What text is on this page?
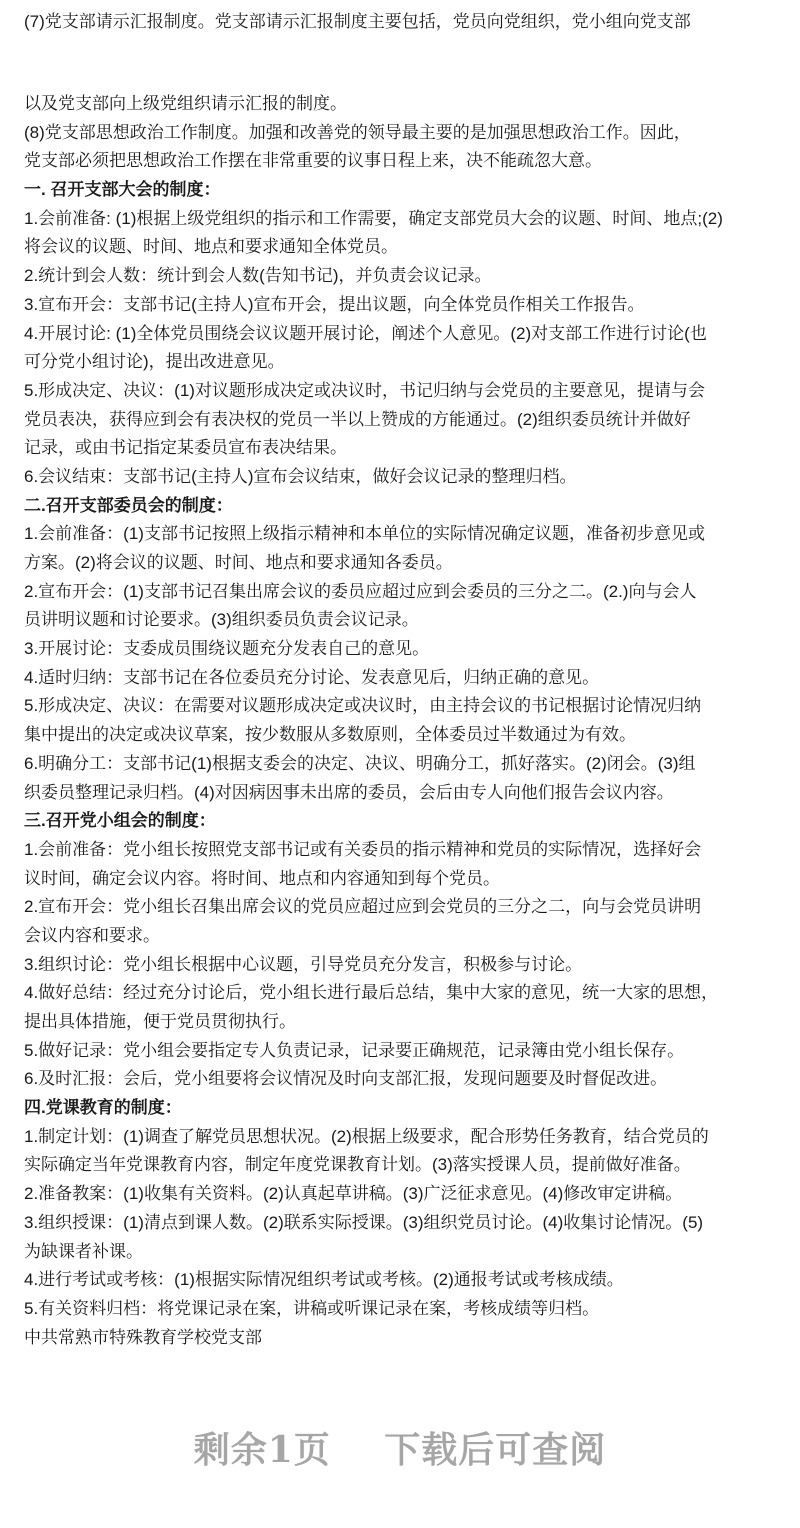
(7)党支部请示汇报制度。党支部请示汇报制度主要包括，党员向党组织，党小组向党支部
以及党支部向上级党组织请示汇报的制度。
(8)党支部思想政治工作制度。加强和改善党的领导最主要的是加强思想政治工作。因此，
党支部必须把思想政治工作摆在非常重要的议事日程上来，决不能疏忽大意。
一. 召开支部大会的制度：
1.会前准备: (1)根据上级党组织的指示和工作需要，确定支部党员大会的议题、时间、地点;(2)
将会议的议题、时间、地点和要求通知全体党员。
2.统计到会人数：统计到会人数(告知书记)，并负责会议记录。
3.宣布开会：支部书记(主持人)宣布开会，提出议题，向全体党员作相关工作报告。
4.开展讨论: (1)全体党员围绕会议议题开展讨论，阐述个人意见。(2)对支部工作进行讨论(也
可分党小组讨论)，提出改进意见。
5.形成决定、决议：(1)对议题形成决定或决议时，书记归纳与会党员的主要意见，提请与会
党员表决，获得应到会有表决权的党员一半以上赞成的方能通过。(2)组织委员统计并做好
记录，或由书记指定某委员宣布表决结果。
6.会议结束：支部书记(主持人)宣布会议结束，做好会议记录的整理归档。
二.召开支部委员会的制度：
1.会前准备：(1)支部书记按照上级指示精神和本单位的实际情况确定议题，准备初步意见或
方案。(2)将会议的议题、时间、地点和要求通知各委员。
2.宣布开会：(1)支部书记召集出席会议的委员应超过应到会委员的三分之二。(2.)向与会人
员讲明议题和讨论要求。(3)组织委员负责会议记录。
3.开展讨论：支委成员围绕议题充分发表自己的意见。
4.适时归纳：支部书记在各位委员充分讨论、发表意见后，归纳正确的意见。
5.形成决定、决议：在需要对议题形成决定或决议时，由主持会议的书记根据讨论情况归纳
集中提出的决定或决议草案，按少数服从多数原则，全体委员过半数通过为有效。
6.明确分工：支部书记(1)根据支委会的决定、决议、明确分工，抓好落实。(2)闭会。(3)组
织委员整理记录归档。(4)对因病因事未出席的委员，会后由专人向他们报告会议内容。
三.召开党小组会的制度：
1.会前准备：党小组长按照党支部书记或有关委员的指示精神和党员的实际情况，选择好会
议时间，确定会议内容。将时间、地点和内容通知到每个党员。
2.宣布开会：党小组长召集出席会议的党员应超过应到会党员的三分之二，向与会党员讲明
会议内容和要求。
3.组织讨论：党小组长根据中心议题，引导党员充分发言，积极参与讨论。
4.做好总结：经过充分讨论后，党小组长进行最后总结，集中大家的意见，统一大家的思想，
提出具体措施，便于党员贯彻执行。
5.做好记录：党小组会要指定专人负责记录，记录要正确规范，记录簿由党小组长保存。
6.及时汇报：会后，党小组要将会议情况及时向支部汇报，发现问题要及时督促改进。
四.党课教育的制度：
1.制定计划：(1)调查了解党员思想状况。(2)根据上级要求，配合形势任务教育，结合党员的
实际确定当年党课教育内容，制定年度党课教育计划。(3)落实授课人员，提前做好准备。
2.准备教案：(1)收集有关资料。(2)认真起草讲稿。(3)广泛征求意见。(4)修改审定讲稿。
3.组织授课：(1)清点到课人数。(2)联系实际授课。(3)组织党员讨论。(4)收集讨论情况。(5)
为缺课者补课。
4.进行考试或考核：(1)根据实际情况组织考试或考核。(2)通报考试或考核成绩。
5.有关资料归档：将党课记录在案，讲稿或听课记录在案，考核成绩等归档。
中共常熟市特殊教育学校党支部
剩余1页 下载后可查阅
